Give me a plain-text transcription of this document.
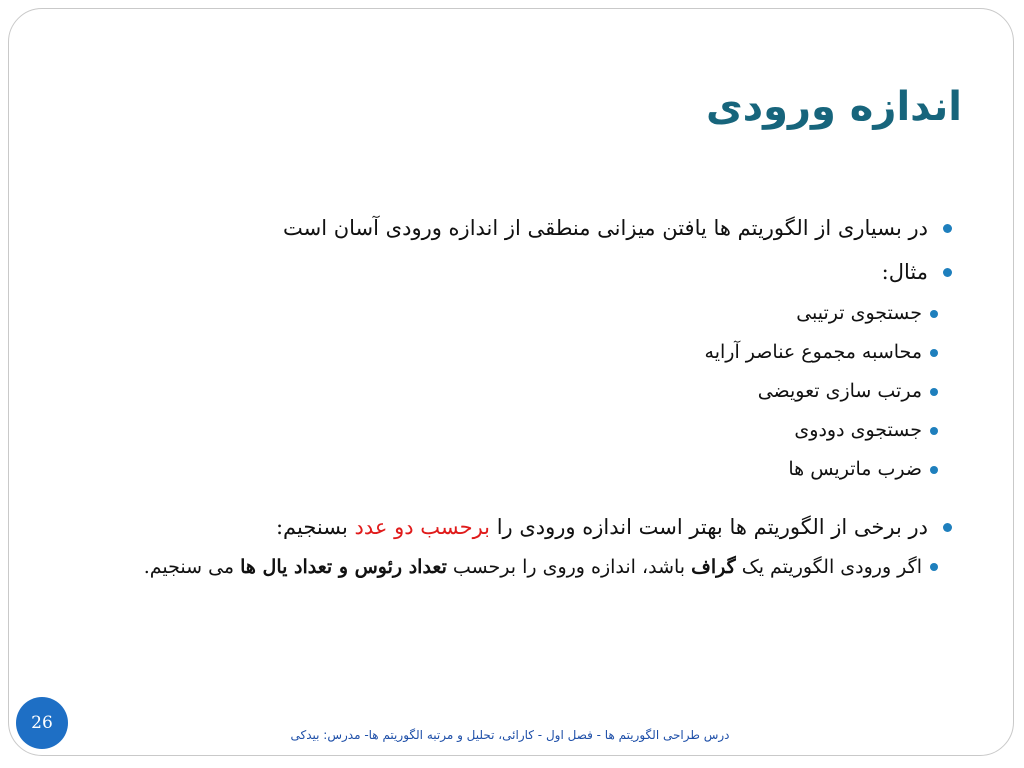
اندازه ورودی
در بسیاری از الگوریتم ها یافتن میزانی منطقی از اندازه ورودی آسان است
مثال:
جستجوی ترتیبی
محاسبه مجموع عناصر آرایه
مرتب سازی تعویضی
جستجوی دودوی
ضرب ماتریس ها
در برخی از الگوریتم ها بهتر است اندازه ورودی را برحسب دو عدد بسنجیم:
اگر ورودی الگوریتم یک گراف باشد، اندازه وروی را برحسب تعداد رئوس و تعداد یال ها می سنجیم.
26
درس طراحی الگوریتم ها - فصل اول - کارائی، تحلیل و مرتبه الگوریتم ها- مدرس: بیدکی
